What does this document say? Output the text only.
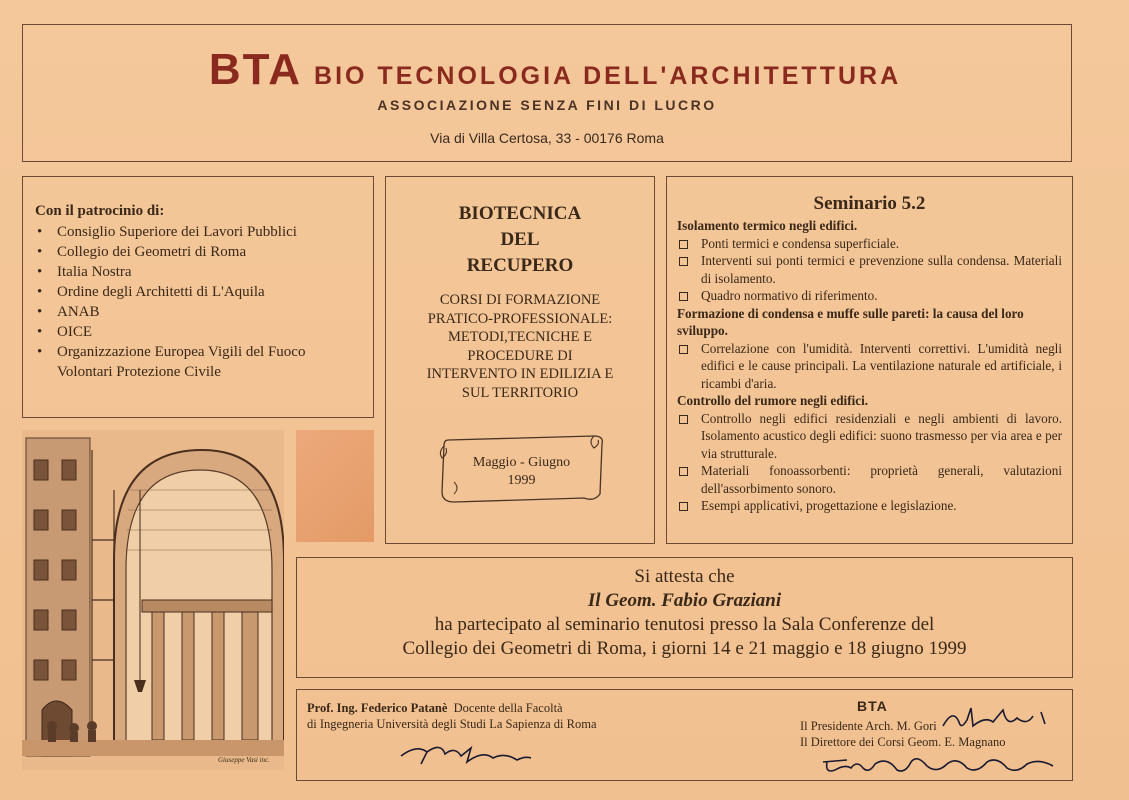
BTA BIO TECNOLOGIA DELL'ARCHITETTURA
ASSOCIAZIONE SENZA FINI DI LUCRO
Via di Villa Certosa, 33 - 00176 Roma
Con il patrocinio di:
• Consiglio Superiore dei Lavori Pubblici
• Collegio dei Geometri di Roma
• Italia Nostra
• Ordine degli Architetti di L'Aquila
• ANAB
• OICE
• Organizzazione Europea Vigili del Fuoco Volontari Protezione Civile
BIOTECNICA
DEL
RECUPERO
CORSI DI FORMAZIONE
PRATICO-PROFESSIONALE:
METODI,TECNICHE E
PROCEDURE DI
INTERVENTO IN EDILIZIA E
SUL TERRITORIO
Maggio - Giugno
1999
Seminario 5.2
Isolamento termico negli edifici.
Ponti termici e condensa superficiale.
Interventi sui ponti termici e prevenzione sulla condensa. Materiali di isolamento.
Quadro normativo di riferimento.
Formazione di condensa e muffe sulle pareti: la causa del loro sviluppo.
Correlazione con l'umidità. Interventi correttivi. L'umidità negli edifici e le cause principali. La ventilazione naturale ed artificiale, i ricambi d'aria.
Controllo del rumore negli edifici.
Controllo negli edifici residenziali e negli ambienti di lavoro. Isolamento acustico degli edifici: suono trasmesso per via area e per via strutturale.
Materiali fonoassorbenti: proprietà generali, valutazioni dell'assorbimento sonoro.
Esempi applicativi, progettazione e legislazione.
Giuseppe Vasi inc.
Si attesta che
Il Geom. Fabio Graziani
ha partecipato al seminario tenutosi presso la Sala Conferenze del
Collegio dei Geometri di Roma, i giorni 14 e 21 maggio e 18 giugno 1999
Prof. Ing. Federico Patanè Docente della Facoltà
di Ingegneria Università degli Studi La Sapienza di Roma
BTA
Il Presidente Arch. M. Gori
Il Direttore dei Corsi Geom. E. Magnano
